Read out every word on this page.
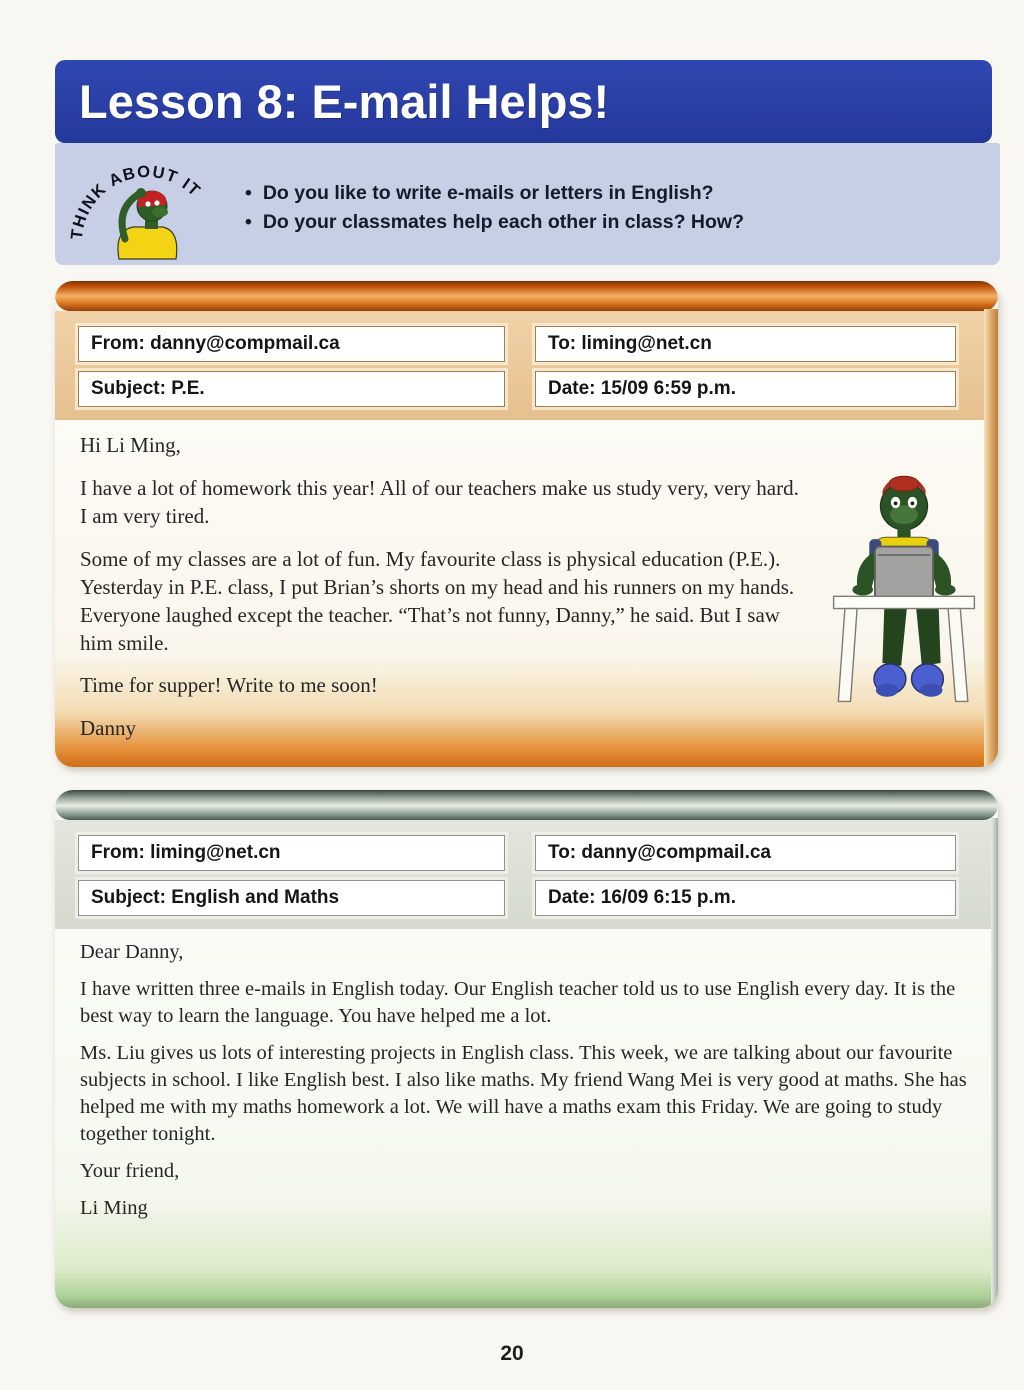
Lesson 8: E-mail Helps!
THINK ABOUT IT	• Do you like to write e-mails or letters in English?
• Do your classmates help each other in class? How?
From: danny@compmail.ca	To: liming@net.cn
Subject: P.E.	Date: 15/09 6:59 p.m.

Hi Li Ming,

I have a lot of homework this year! All of our teachers make us study very, very hard. I am very tired.

Some of my classes are a lot of fun. My favourite class is physical education (P.E.). Yesterday in P.E. class, I put Brian’s shorts on my head and his runners on my hands. Everyone laughed except the teacher. “That’s not funny, Danny,” he said. But I saw him smile.

Time for supper! Write to me soon!

Danny

From: liming@net.cn	To: danny@compmail.ca
Subject: English and Maths	Date: 16/09 6:15 p.m.

Dear Danny,

I have written three e-mails in English today. Our English teacher told us to use English every day. It is the best way to learn the language. You have helped me a lot.

Ms. Liu gives us lots of interesting projects in English class. This week, we are talking about our favourite subjects in school. I like English best. I also like maths. My friend Wang Mei is very good at maths. She has helped me with my maths homework a lot. We will have a maths exam this Friday. We are going to study together tonight.

Your friend,

Li Ming

20
